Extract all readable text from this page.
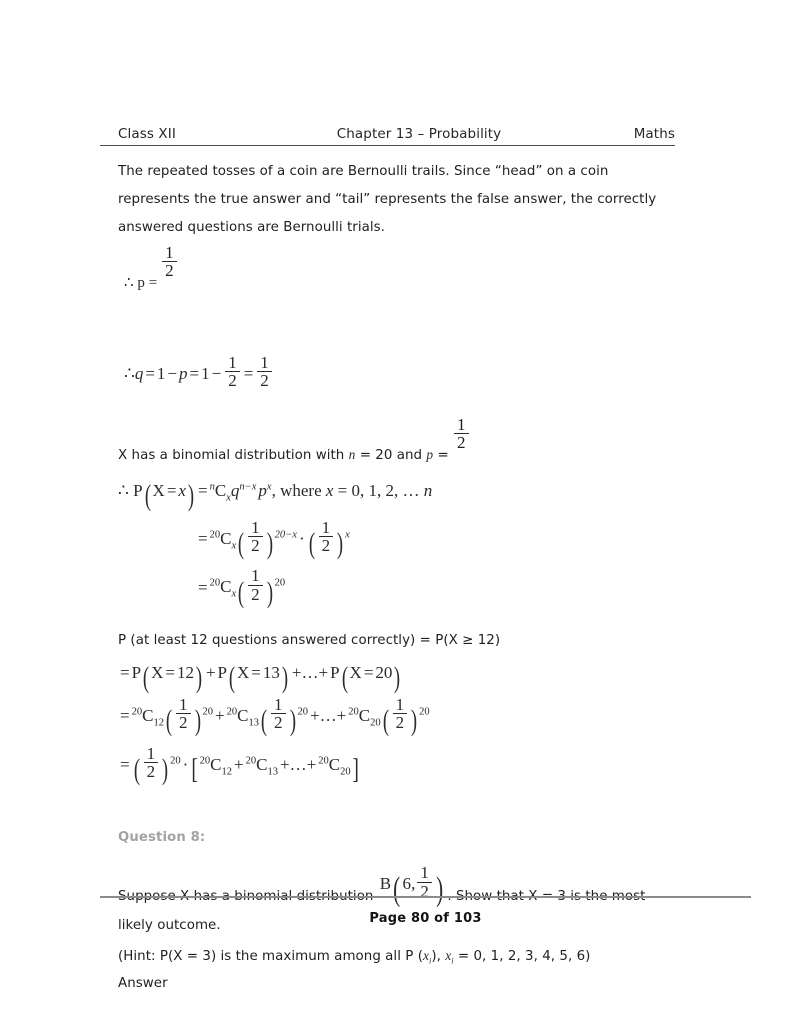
Class XII	Chapter 13 – Probability	Maths
The repeated tosses of a coin are Bernoulli trails. Since “head” on a coin represents the true answer and “tail” represents the false answer, the correctly answered questions are Bernoulli trials.
∴ p =
$\frac{1}{2}$
∴q = $1 - p = 1 - \frac{1}{2} = \frac{1}{2}$
X has a binomial distribution with n = 20 and p =
$\frac{1}{2}$
∴ P( $X = x) = ^nC_xq^{n-x}$ $p^x$, where x = 0, 1, 2, … n
= $^{20}C_x( \frac{1}{2}$ ) $^{20-x}$ · ( $\frac{1}{2}$ ) $^x$
= $^{20}C_x( \frac{1}{2}$ ) $^{20}$
P (at least 12 questions answered correctly) = P(X ≥ 12)
= P( X = 12) + P( X = 13) +…+ P( X = 20)
= $^{20}C_{12}( \frac{1}{2}$ ) $^{20} + ^{20}C_{13}( \frac{1}{2}$ ) $^{20}$ +…+ $^{20}C_{20}( \frac{1}{2}$ ) $^{20}$
= ( $\frac{1}{2}$ ) $^{20} \cdot [^{20}C_{12} + ^{20}C_{13}$ +…+ $^{20}C_{20}$]
Question 8:
Suppose X has a binomial distribution B( 6, $\frac{1}{2}$ ) . Show that X = 3 is the most likely outcome.
(Hint: P(X = 3) is the maximum among all P $(x_i)$, $x_i = 0$, 1, 2, 3, 4, 5, 6)
Answer
Page 80 of 103
